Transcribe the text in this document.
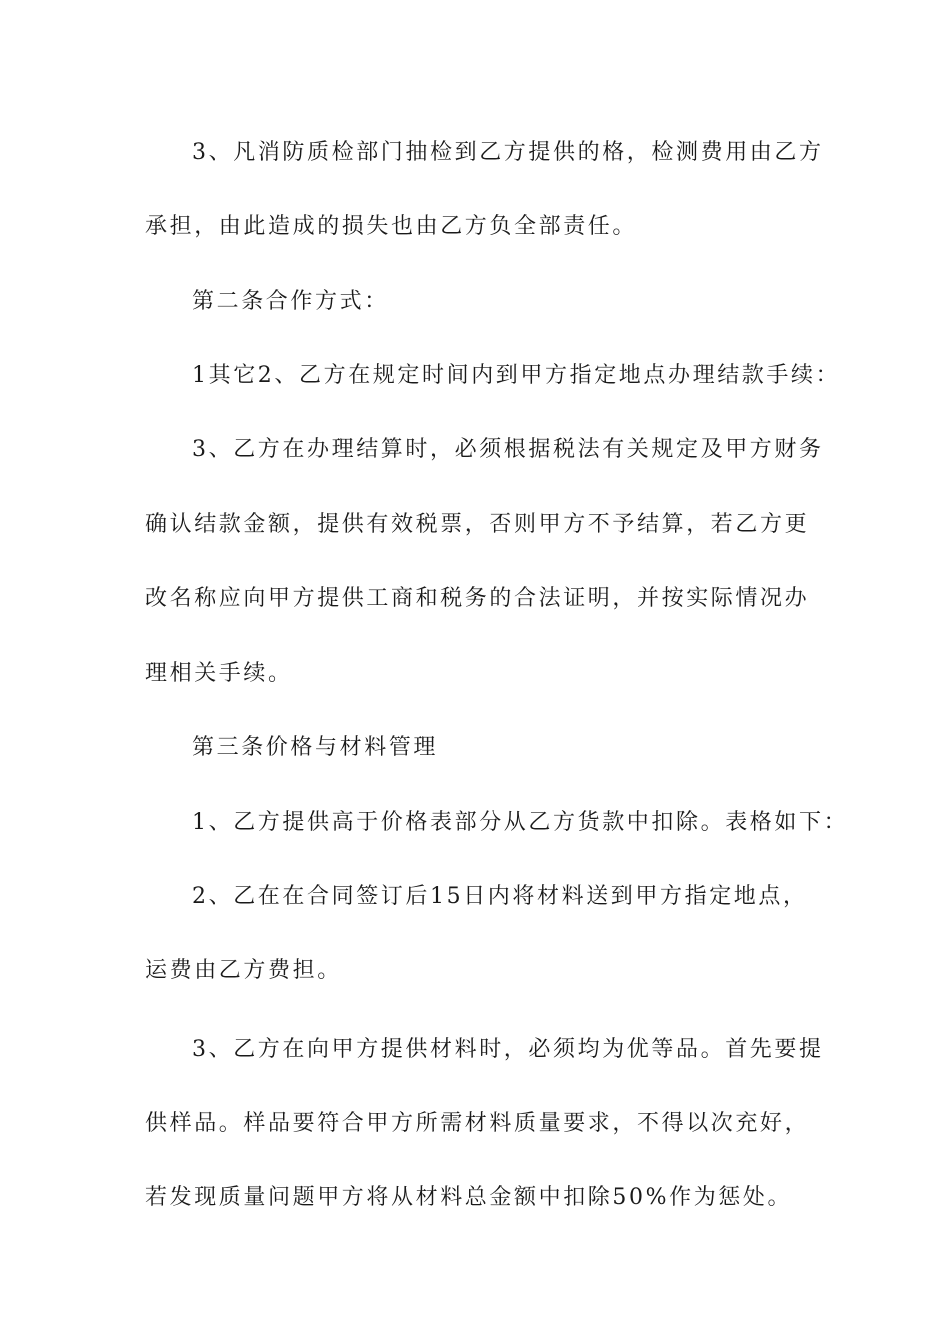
3、凡消防质检部门抽检到乙方提供的格，检测费用由乙方
承担，由此造成的损失也由乙方负全部责任。
第二条合作方式：
1其它2、乙方在规定时间内到甲方指定地点办理结款手续：
3、乙方在办理结算时，必须根据税法有关规定及甲方财务
确认结款金额，提供有效税票，否则甲方不予结算，若乙方更
改名称应向甲方提供工商和税务的合法证明，并按实际情况办
理相关手续。
第三条价格与材料管理
1、乙方提供高于价格表部分从乙方货款中扣除。表格如下：
2、乙在在合同签订后15日内将材料送到甲方指定地点，
运费由乙方费担。
3、乙方在向甲方提供材料时，必须均为优等品。首先要提
供样品。样品要符合甲方所需材料质量要求，不得以次充好，
若发现质量问题甲方将从材料总金额中扣除50%作为惩处。
